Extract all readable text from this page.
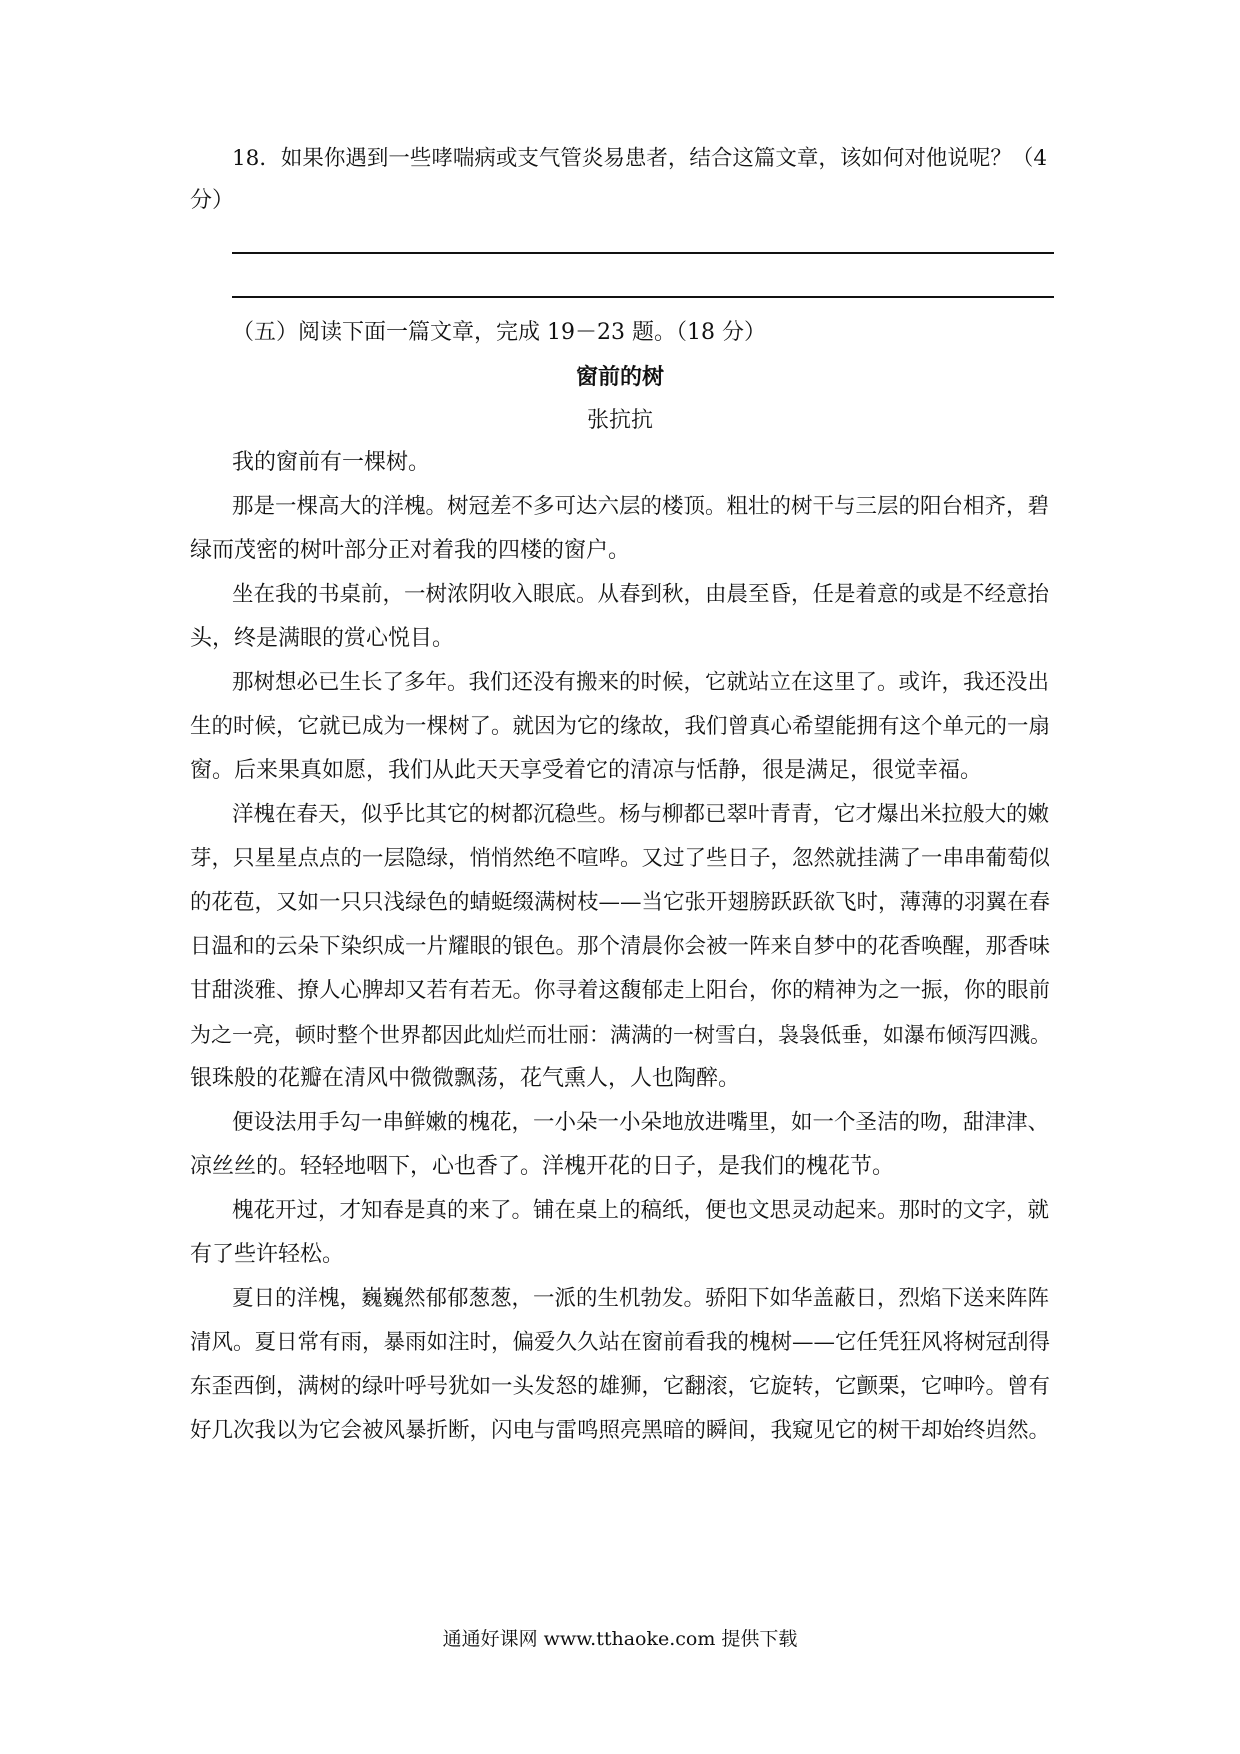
18．如果你遇到一些哮喘病或支气管炎易患者，结合这篇文章，该如何对他说呢？（4
分）
（五）阅读下面一篇文章，完成 19－23 题。（18 分）
窗前的树
张抗抗
我的窗前有一棵树。
那是一棵高大的洋槐。树冠差不多可达六层的楼顶。粗壮的树干与三层的阳台相齐，碧
绿而茂密的树叶部分正对着我的四楼的窗户。
坐在我的书桌前，一树浓阴收入眼底。从春到秋，由晨至昏，任是着意的或是不经意抬
头，终是满眼的赏心悦目。
那树想必已生长了多年。我们还没有搬来的时候，它就站立在这里了。或许，我还没出
生的时候，它就已成为一棵树了。就因为它的缘故，我们曾真心希望能拥有这个单元的一扇
窗。后来果真如愿，我们从此天天享受着它的清凉与恬静，很是满足，很觉幸福。
洋槐在春天，似乎比其它的树都沉稳些。杨与柳都已翠叶青青，它才爆出米拉般大的嫩
芽，只星星点点的一层隐绿，悄悄然绝不喧哗。又过了些日子，忽然就挂满了一串串葡萄似
的花苞，又如一只只浅绿色的蜻蜓缀满树枝——当它张开翅膀跃跃欲飞时，薄薄的羽翼在春
日温和的云朵下染织成一片耀眼的银色。那个清晨你会被一阵来自梦中的花香唤醒，那香味
甘甜淡雅、撩人心脾却又若有若无。你寻着这馥郁走上阳台，你的精神为之一振，你的眼前
为之一亮，顿时整个世界都因此灿烂而壮丽：满满的一树雪白，袅袅低垂，如瀑布倾泻四溅。
银珠般的花瓣在清风中微微飘荡，花气熏人，人也陶醉。
便设法用手勾一串鲜嫩的槐花，一小朵一小朵地放进嘴里，如一个圣洁的吻，甜津津、
凉丝丝的。轻轻地咽下，心也香了。洋槐开花的日子，是我们的槐花节。
槐花开过，才知春是真的来了。铺在桌上的稿纸，便也文思灵动起来。那时的文字，就
有了些许轻松。
夏日的洋槐，巍巍然郁郁葱葱，一派的生机勃发。骄阳下如华盖蔽日，烈焰下送来阵阵
清风。夏日常有雨，暴雨如注时，偏爱久久站在窗前看我的槐树——它任凭狂风将树冠刮得
东歪西倒，满树的绿叶呼号犹如一头发怒的雄狮，它翻滚，它旋转，它颤栗，它呻吟。曾有
好几次我以为它会被风暴折断，闪电与雷鸣照亮黑暗的瞬间，我窥见它的树干却始终岿然。
通通好课网 www.tthaoke.com 提供下载
